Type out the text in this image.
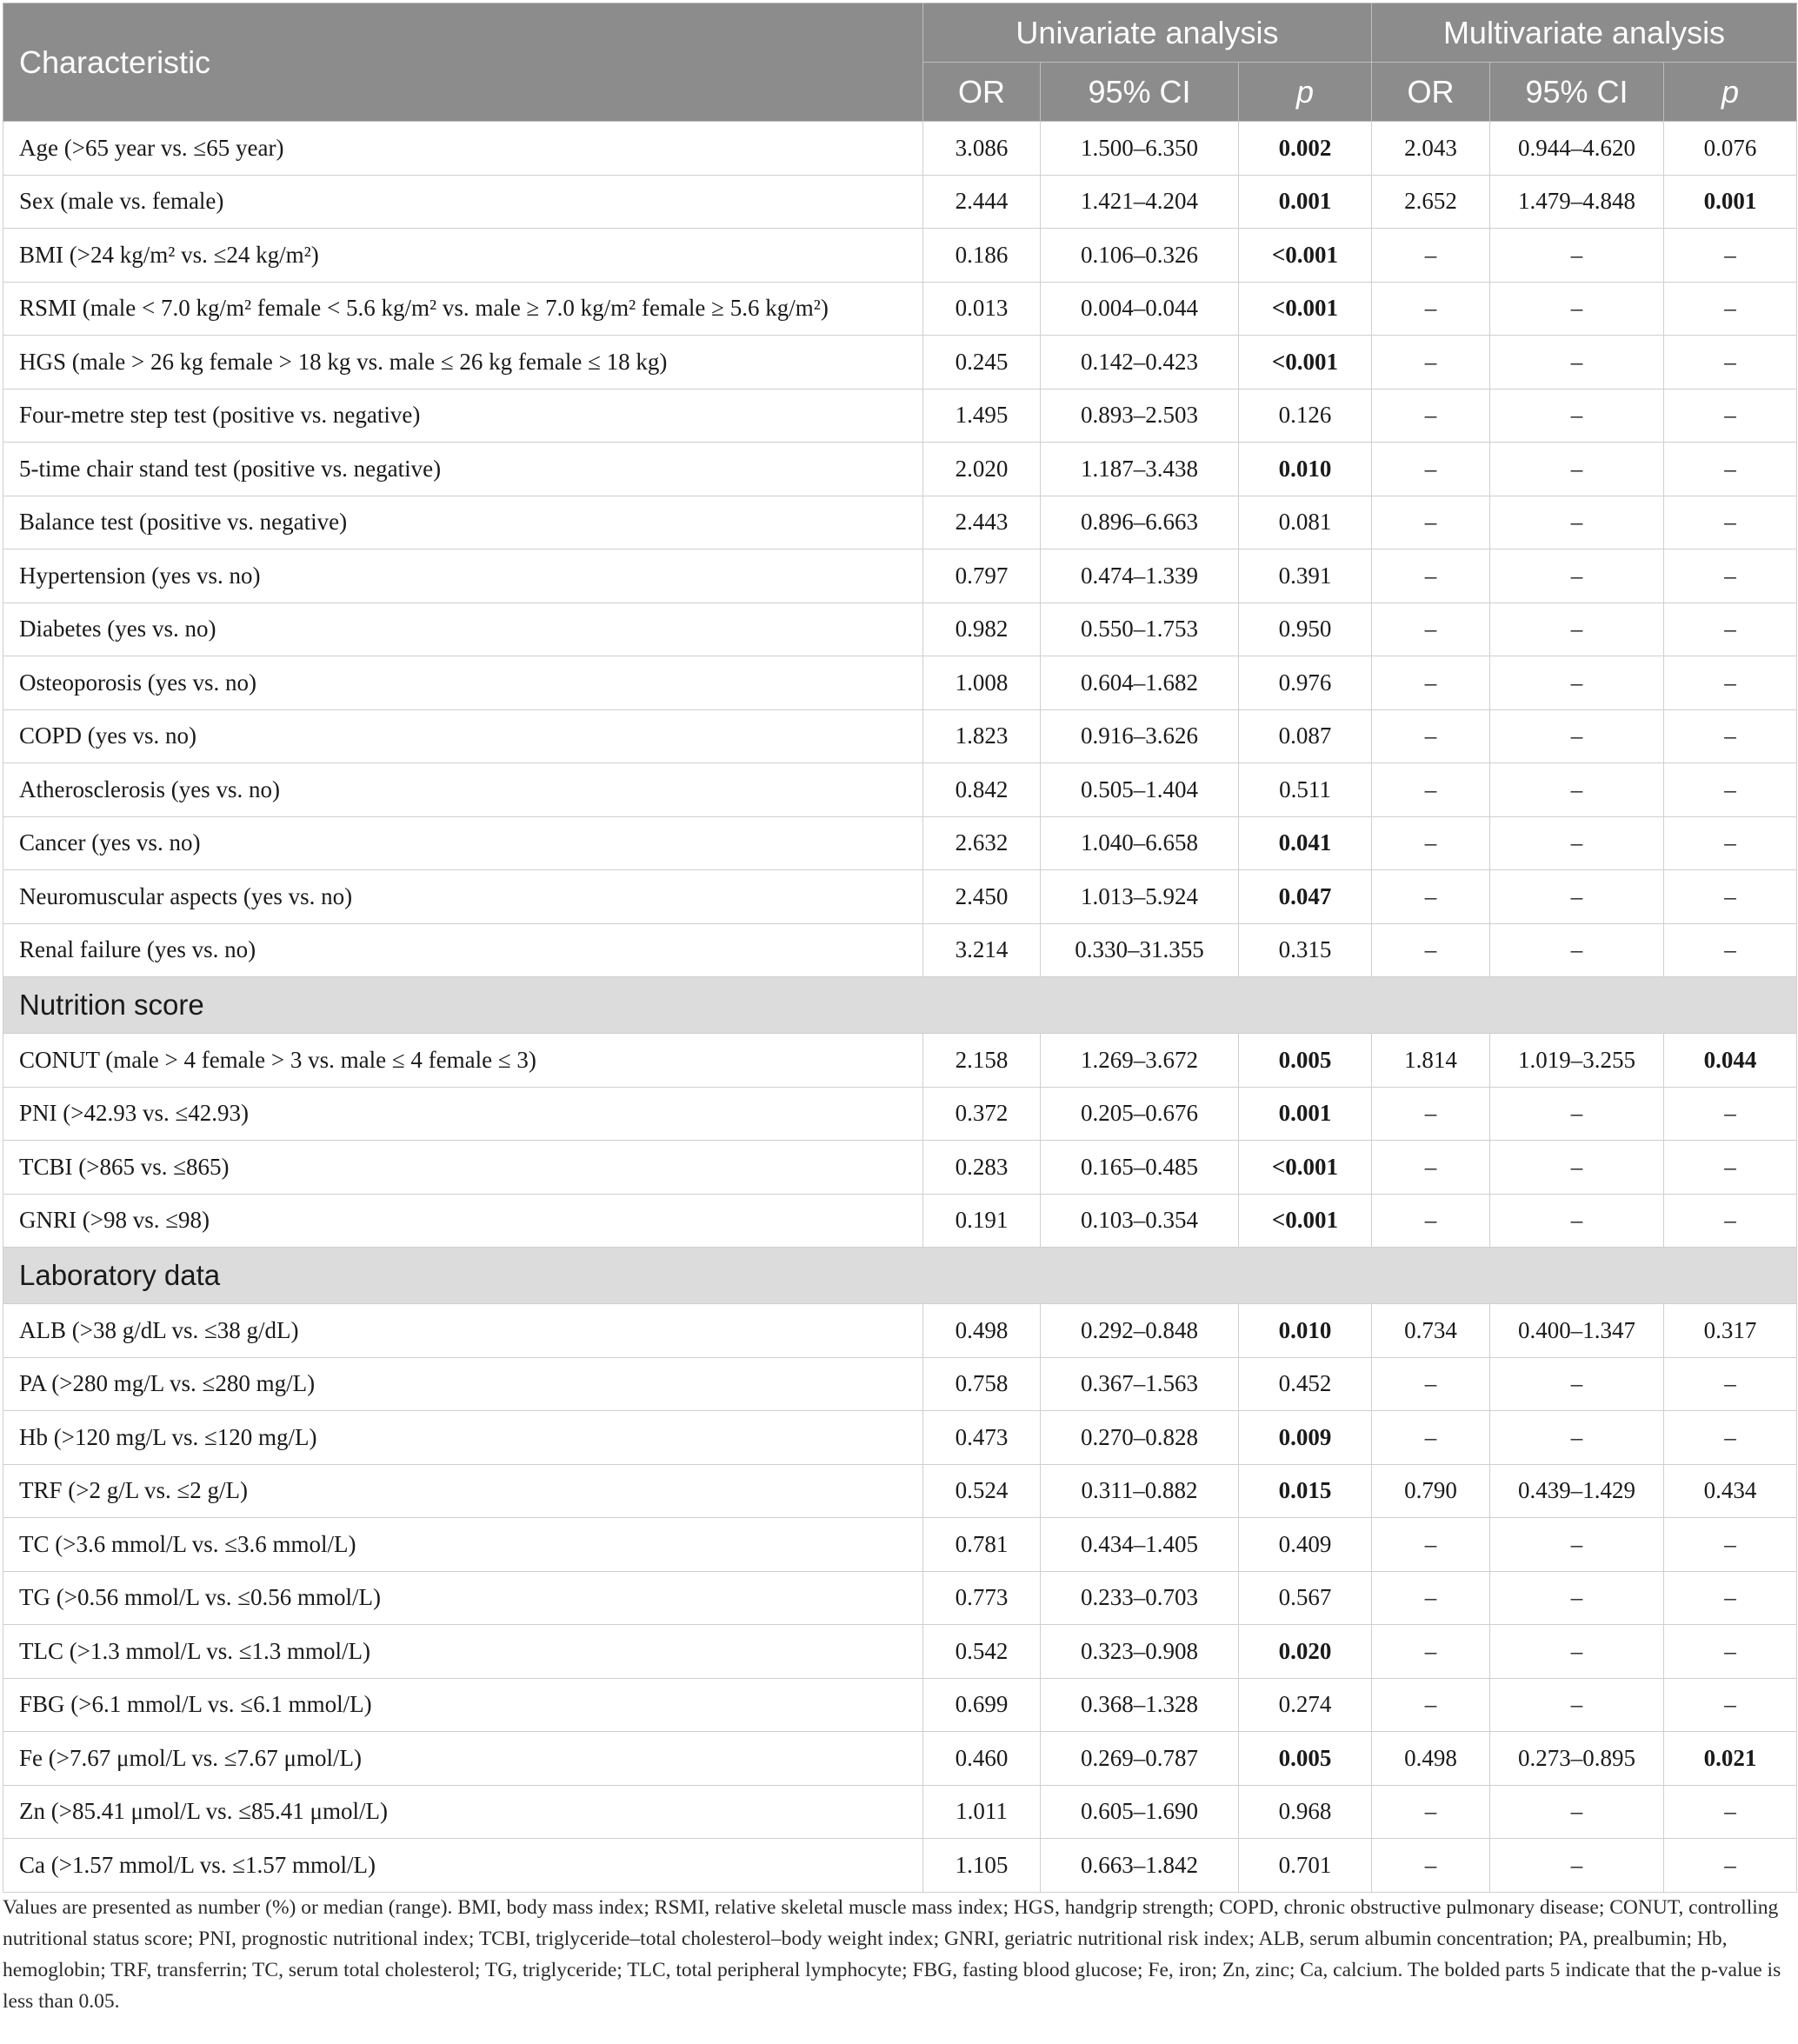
Characteristic	Univariate analysis			Multivariate analysis		
	OR	95% CI	p	OR	95% CI	p
Age (>65 year vs. ≤65 year)	3.086	1.500–6.350	0.002	2.043	0.944–4.620	0.076
Sex (male vs. female)	2.444	1.421–4.204	0.001	2.652	1.479–4.848	0.001
BMI (>24 kg/m² vs. ≤24 kg/m²)	0.186	0.106–0.326	<0.001	–	–	–
RSMI (male < 7.0 kg/m² female < 5.6 kg/m² vs. male ≥ 7.0 kg/m² female ≥ 5.6 kg/m²)	0.013	0.004–0.044	<0.001	–	–	–
HGS (male > 26 kg female > 18 kg vs. male ≤ 26 kg female ≤ 18 kg)	0.245	0.142–0.423	<0.001	–	–	–
Four-metre step test (positive vs. negative)	1.495	0.893–2.503	0.126	–	–	–
5-time chair stand test (positive vs. negative)	2.020	1.187–3.438	0.010	–	–	–
Balance test (positive vs. negative)	2.443	0.896–6.663	0.081	–	–	–
Hypertension (yes vs. no)	0.797	0.474–1.339	0.391	–	–	–
Diabetes (yes vs. no)	0.982	0.550–1.753	0.950	–	–	–
Osteoporosis (yes vs. no)	1.008	0.604–1.682	0.976	–	–	–
COPD (yes vs. no)	1.823	0.916–3.626	0.087	–	–	–
Atherosclerosis (yes vs. no)	0.842	0.505–1.404	0.511	–	–	–
Cancer (yes vs. no)	2.632	1.040–6.658	0.041	–	–	–
Neuromuscular aspects (yes vs. no)	2.450	1.013–5.924	0.047	–	–	–
Renal failure (yes vs. no)	3.214	0.330–31.355	0.315	–	–	–
Nutrition score						
CONUT (male > 4 female > 3 vs. male ≤ 4 female ≤ 3)	2.158	1.269–3.672	0.005	1.814	1.019–3.255	0.044
PNI (>42.93 vs. ≤42.93)	0.372	0.205–0.676	0.001	–	–	–
TCBI (>865 vs. ≤865)	0.283	0.165–0.485	<0.001	–	–	–
GNRI (>98 vs. ≤98)	0.191	0.103–0.354	<0.001	–	–	–
Laboratory data						
ALB (>38 g/dL vs. ≤38 g/dL)	0.498	0.292–0.848	0.010	0.734	0.400–1.347	0.317
PA (>280 mg/L vs. ≤280 mg/L)	0.758	0.367–1.563	0.452	–	–	–
Hb (>120 mg/L vs. ≤120 mg/L)	0.473	0.270–0.828	0.009	–	–	–
TRF (>2 g/L vs. ≤2 g/L)	0.524	0.311–0.882	0.015	0.790	0.439–1.429	0.434
TC (>3.6 mmol/L vs. ≤3.6 mmol/L)	0.781	0.434–1.405	0.409	–	–	–
TG (>0.56 mmol/L vs. ≤0.56 mmol/L)	0.773	0.233–0.703	0.567	–	–	–
TLC (>1.3 mmol/L vs. ≤1.3 mmol/L)	0.542	0.323–0.908	0.020	–	–	–
FBG (>6.1 mmol/L vs. ≤6.1 mmol/L)	0.699	0.368–1.328	0.274	–	–	–
Fe (>7.67 μmol/L vs. ≤7.67 μmol/L)	0.460	0.269–0.787	0.005	0.498	0.273–0.895	0.021
Zn (>85.41 μmol/L vs. ≤85.41 μmol/L)	1.011	0.605–1.690	0.968	–	–	–
Ca (>1.57 mmol/L vs. ≤1.57 mmol/L)	1.105	0.663–1.842	0.701	–	–	–
Values are presented as number (%) or median (range). BMI, body mass index; RSMI, relative skeletal muscle mass index; HGS, handgrip strength; COPD, chronic obstructive pulmonary disease; CONUT, controlling nutritional status score; PNI, prognostic nutritional index; TCBI, triglyceride–total cholesterol–body weight index; GNRI, geriatric nutritional risk index; ALB, serum albumin concentration; PA, prealbumin; Hb, hemoglobin; TRF, transferrin; TC, serum total cholesterol; TG, triglyceride; TLC, total peripheral lymphocyte; FBG, fasting blood glucose; Fe, iron; Zn, zinc; Ca, calcium. The bolded parts 5 indicate that the p-value is less than 0.05.
